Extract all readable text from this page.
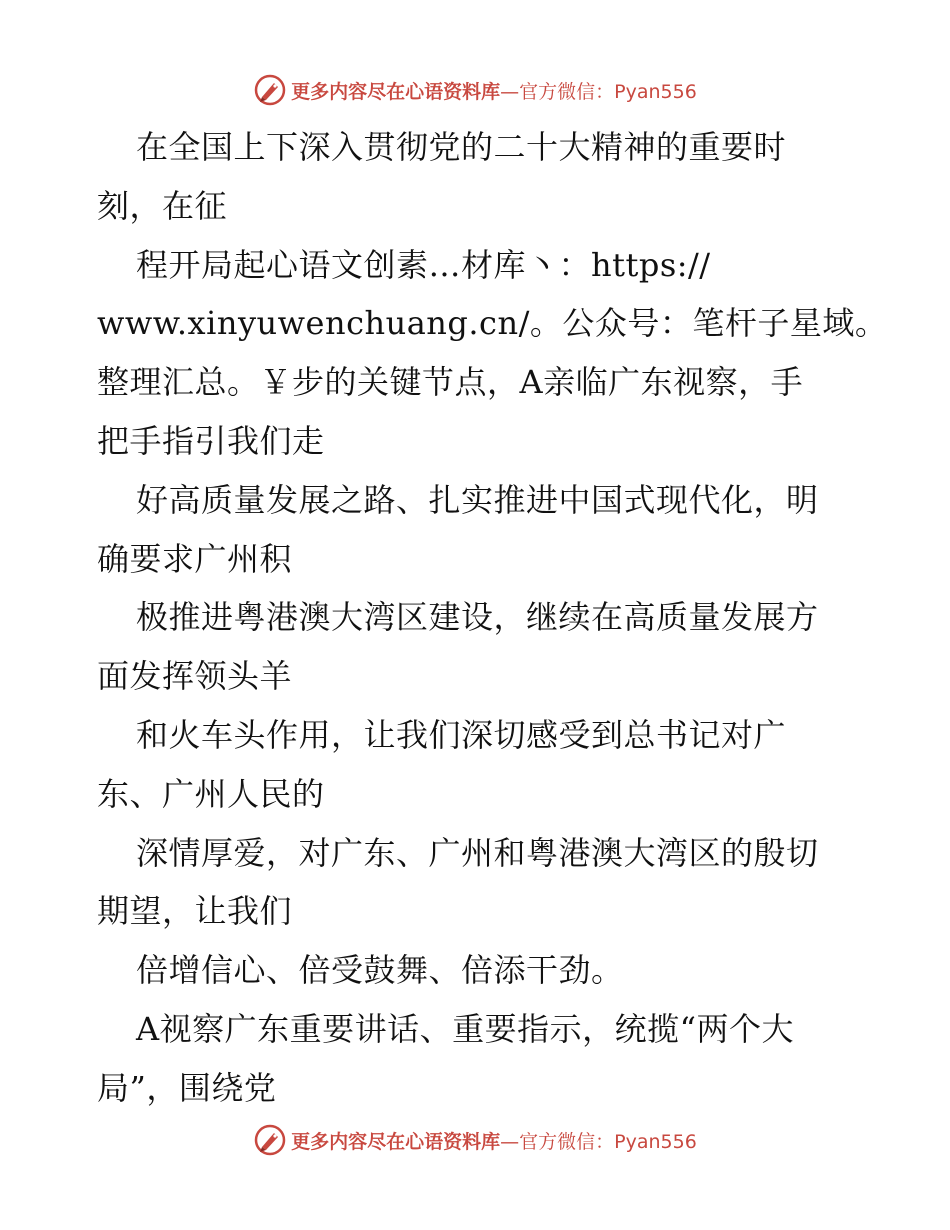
更多内容尽在心语资料库—官方微信：Pyan556
在全国上下深入贯彻党的二十大精神的重要时
刻，在征
程开局起心语文创素…材库丶：https://
www.xinyuwenchuang.cn/。公众号：笔杆子星域。
整理汇总。￥步的关键节点，A亲临广东视察，手
把手指引我们走
好高质量发展之路、扎实推进中国式现代化，明
确要求广州积
极推进粤港澳大湾区建设，继续在高质量发展方
面发挥领头羊
和火车头作用，让我们深切感受到总书记对广
东、广州人民的
深情厚爱，对广东、广州和粤港澳大湾区的殷切
期望，让我们
倍增信心、倍受鼓舞、倍添干劲。
A视察广东重要讲话、重要指示，统揽“两个大
局”，围绕党
更多内容尽在心语资料库—官方微信：Pyan556
